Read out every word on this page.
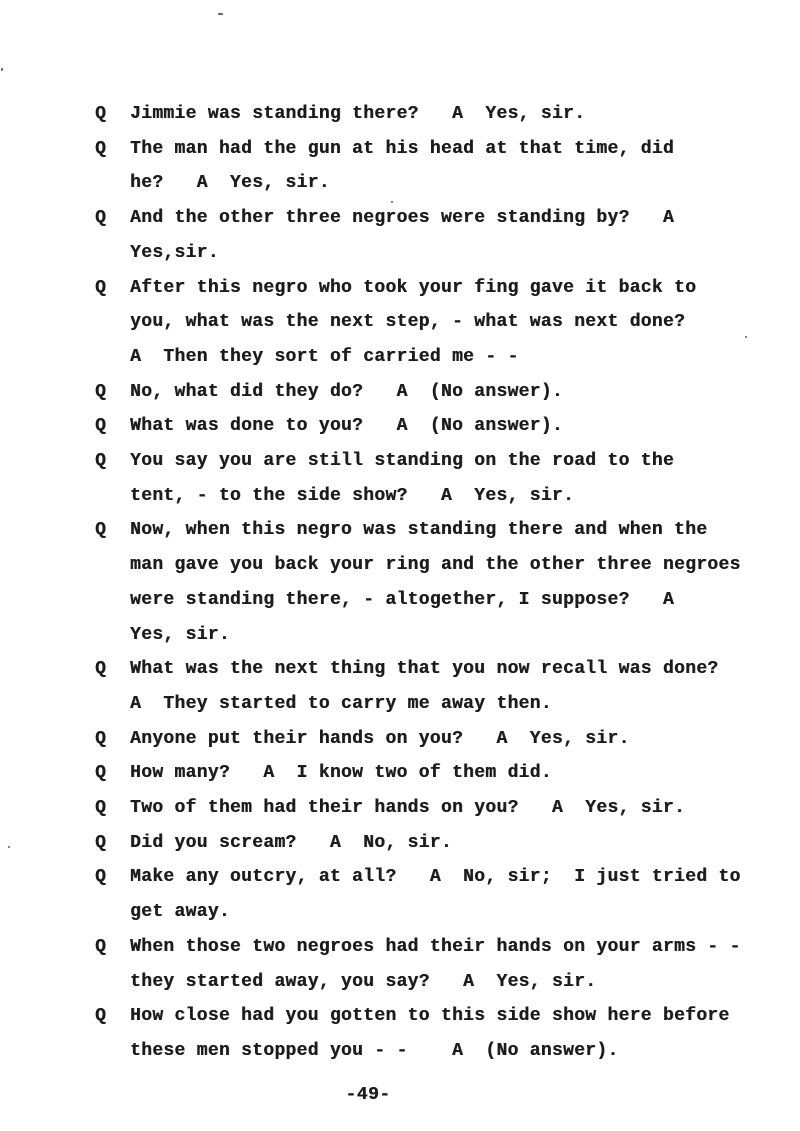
Q	Jimmie was standing there?   A  Yes, sir.
Q	The man had the gun at his head at that time, did
he?   A  Yes, sir.
Q	And the other three negroes were standing by?   A
Yes,sir.
Q	After this negro who took your fing gave it back to
you, what was the next step, - what was next done?
A  Then they sort of carried me - -
Q	No, what did they do?   A  (No answer).
Q	What was done to you?   A  (No answer).
Q	You say you are still standing on the road to the
tent, - to the side show?   A  Yes, sir.
Q	Now, when this negro was standing there and when the
man gave you back your ring and the other three negroes
were standing there, - altogether, I suppose?   A
Yes, sir.
Q	What was the next thing that you now recall was done?
A  They started to carry me away then.
Q	Anyone put their hands on you?   A  Yes, sir.
Q	How many?   A  I know two of them did.
Q	Two of them had their hands on you?   A  Yes, sir.
Q	Did you scream?   A  No, sir.
Q	Make any outcry, at all?   A  No, sir;  I just tried to
get away.
Q	When those two negroes had their hands on your arms - -
they started away, you say?   A  Yes, sir.
Q	How close had you gotten to this side show here before
these men stopped you - -    A  (No answer).
-49-
